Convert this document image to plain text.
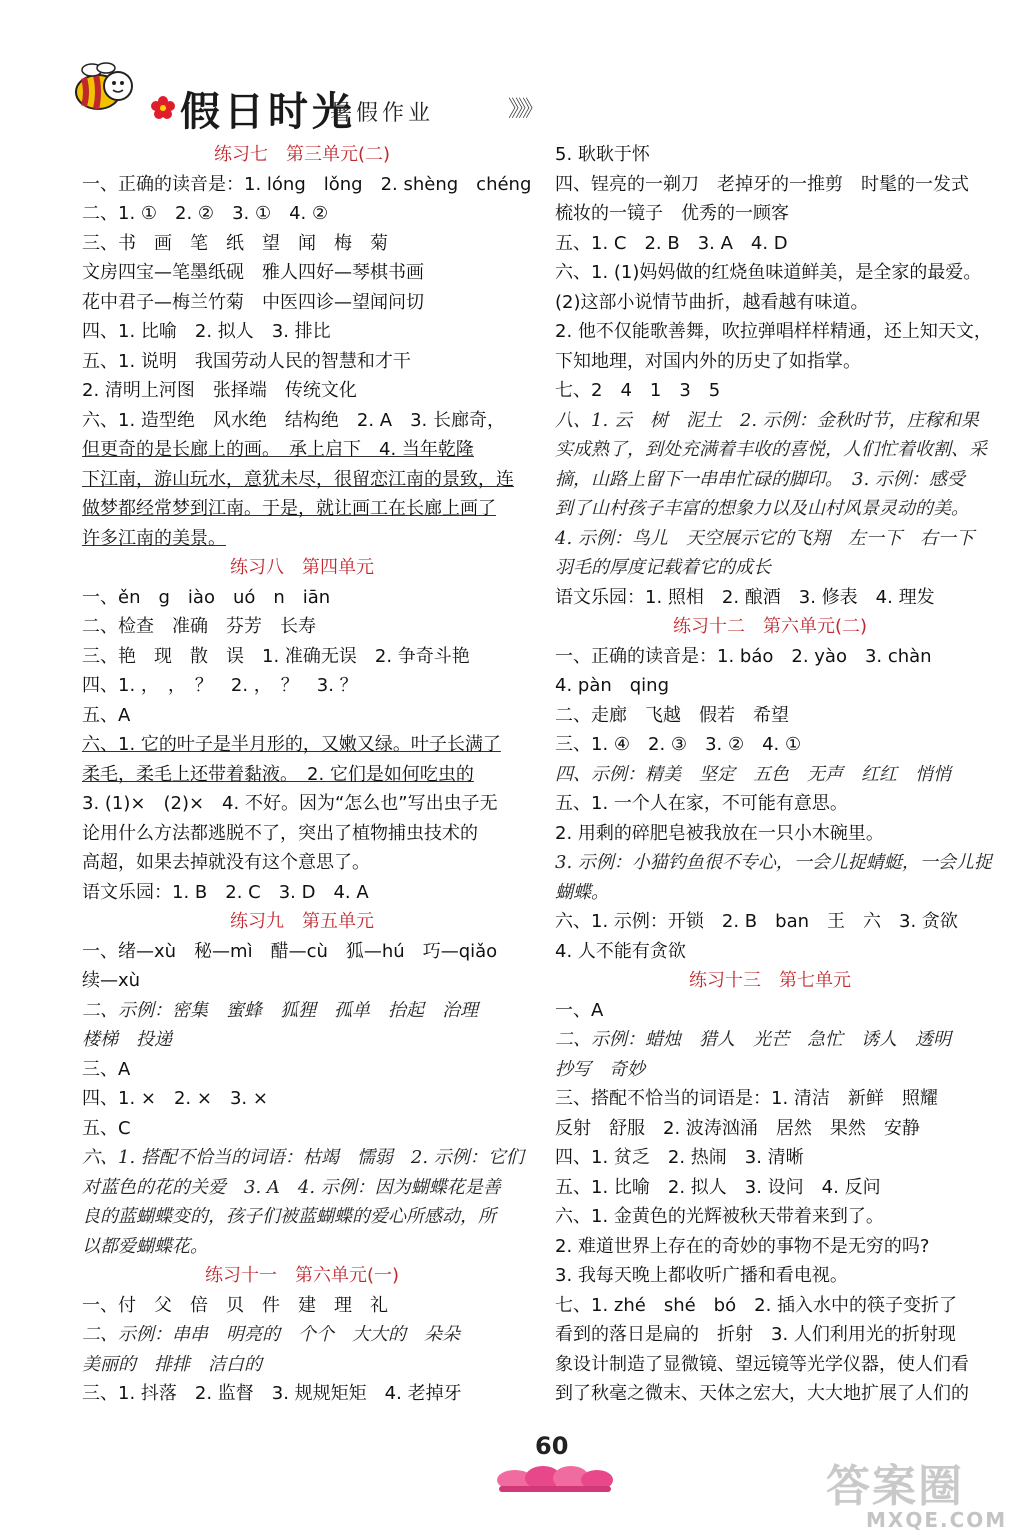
假日时光
暑假作业	》》》
练习七　第三单元(二)
一、正确的读音是：1. lóng　lǒng　2. shèng　chéng
二、1. ①　2. ②　3. ①　4. ②
三、书　画　笔　纸　望　闻　梅　菊
文房四宝—笔墨纸砚　雅人四好—琴棋书画
花中君子—梅兰竹菊　中医四诊—望闻问切
四、1. 比喻　2. 拟人　3. 排比
五、1. 说明　我国劳动人民的智慧和才干
2. 清明上河图　张择端　传统文化
六、1. 造型绝　风水绝　结构绝　2. A　3. 长廊奇，
但更奇的是长廊上的画。　承上启下　4. 当年乾隆
下江南，游山玩水，意犹未尽，很留恋江南的景致，连
做梦都经常梦到江南。于是，就让画工在长廊上画了
许多江南的美景。
练习八　第四单元
一、ěn　g　iào　uó　n　iān
二、检查　准确　芬芳　长寿
三、艳　现　散　误　1. 准确无误　2. 争奇斗艳
四、1. ，　，　？　2. ，　？　3. ？
五、A
六、1. 它的叶子是半月形的，又嫩又绿。叶子长满了
柔毛，柔毛上还带着黏液。　2. 它们是如何吃虫的
3. (1)×　(2)×　4. 不好。因为“怎么也”写出虫子无
论用什么方法都逃脱不了，突出了植物捕虫技术的
高超，如果去掉就没有这个意思了。
语文乐园：1. B　2. C　3. D　4. A
练习九　第五单元
一、绪—xù　秘—mì　醋—cù　狐—hú　巧—qiǎo
续—xù
二、示例：密集　蜜蜂　狐狸　孤单　抬起　治理
楼梯　投递
三、A
四、1. ×　2. ×　3. ×
五、C
六、1. 搭配不恰当的词语：枯竭　懦弱　2. 示例：它们
对蓝色的花的关爱　3. A　4. 示例：因为蝴蝶花是善
良的蓝蝴蝶变的，孩子们被蓝蝴蝶的爱心所感动，所
以都爱蝴蝶花。
练习十一　第六单元(一)
一、付　父　倍　贝　件　建　理　礼
二、示例：串串　明亮的　个个　大大的　朵朵
美丽的　排排　洁白的
三、1. 抖落　2. 监督　3. 规规矩矩　4. 老掉牙
5. 耿耿于怀
四、锃亮的一剃刀　老掉牙的一推剪　时髦的一发式
梳妆的一镜子　优秀的一顾客
五、1. C　2. B　3. A　4. D
六、1. (1)妈妈做的红烧鱼味道鲜美，是全家的最爱。
(2)这部小说情节曲折，越看越有味道。
2. 他不仅能歌善舞，吹拉弹唱样样精通，还上知天文，
下知地理，对国内外的历史了如指掌。
七、2　4　1　3　5
八、1. 云　树　泥土　2. 示例：金秋时节，庄稼和果
实成熟了，到处充满着丰收的喜悦，人们忙着收割、采
摘，山路上留下一串串忙碌的脚印。　3. 示例：感受
到了山村孩子丰富的想象力以及山村风景灵动的美。
4. 示例：鸟儿　天空展示它的飞翔　左一下　右一下
羽毛的厚度记载着它的成长
语文乐园：1. 照相　2. 酿酒　3. 修表　4. 理发
练习十二　第六单元(二)
一、正确的读音是：1. báo　2. yào　3. chàn
4. pàn　qing
二、走廊　飞越　假若　希望
三、1. ④　2. ③　3. ②　4. ①
四、示例：精美　坚定　五色　无声　红红　悄悄
五、1. 一个人在家，不可能有意思。
2. 用剩的碎肥皂被我放在一只小木碗里。
3. 示例：小猫钓鱼很不专心，一会儿捉蜻蜓，一会儿捉
蝴蝶。
六、1. 示例：开锁　2. B　ban　王　六　3. 贪欲
4. 人不能有贪欲
练习十三　第七单元
一、A
二、示例：蜡烛　猎人　光芒　急忙　诱人　透明
抄写　奇妙
三、搭配不恰当的词语是：1. 清洁　新鲜　照耀
反射　舒服　2. 波涛汹涌　居然　果然　安静
四、1. 贫乏　2. 热闹　3. 清晰
五、1. 比喻　2. 拟人　3. 设问　4. 反问
六、1. 金黄色的光辉被秋天带着来到了。
2. 难道世界上存在的奇妙的事物不是无穷的吗?
3. 我每天晚上都收听广播和看电视。
七、1. zhé　shé　bó　2. 插入水中的筷子变折了
看到的落日是扁的　折射　3. 人们利用光的折射现
象设计制造了显微镜、望远镜等光学仪器，使人们看
到了秋毫之微末、天体之宏大，大大地扩展了人们的
60
答案圈
MXQE.COM
